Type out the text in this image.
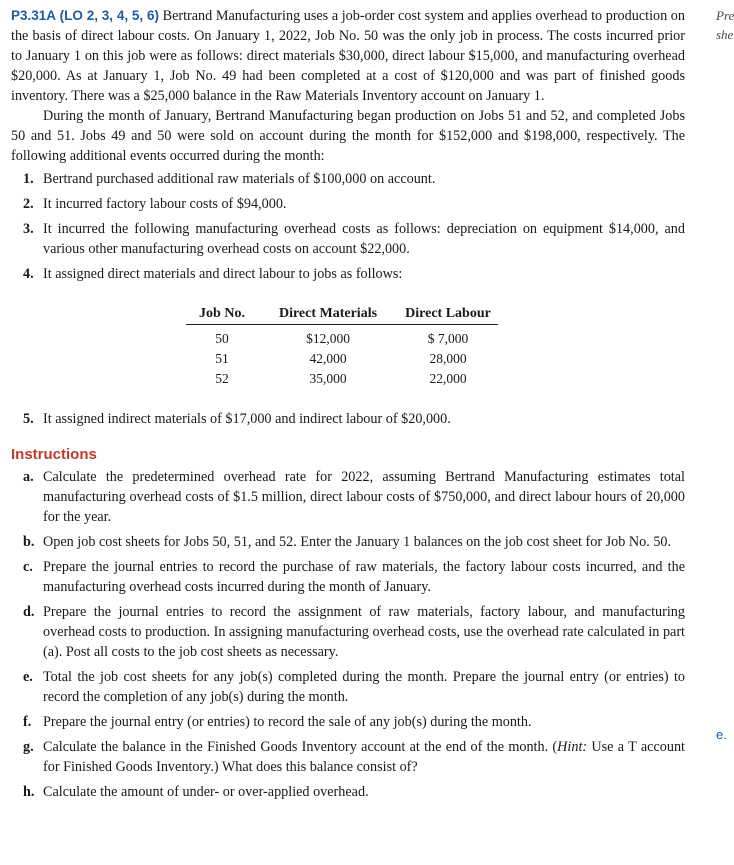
P3.31A (LO 2, 3, 4, 5, 6) Bertrand Manufacturing uses a job-order cost system and applies overhead to production on the basis of direct labour costs. On January 1, 2022, Job No. 50 was the only job in process. The costs incurred prior to January 1 on this job were as follows: direct materials $30,000, direct labour $15,000, and manufacturing overhead $20,000. As at January 1, Job No. 49 had been completed at a cost of $120,000 and was part of finished goods inventory. There was a $25,000 balance in the Raw Materials Inventory account on January 1.

During the month of January, Bertrand Manufacturing began production on Jobs 51 and 52, and completed Jobs 50 and 51. Jobs 49 and 50 were sold on account during the month for $152,000 and $198,000, respectively. The following additional events occurred during the month:

1. Bertrand purchased additional raw materials of $100,000 on account.
2. It incurred factory labour costs of $94,000.
3. It incurred the following manufacturing overhead costs as follows: depreciation on equipment $14,000, and various other manufacturing overhead costs on account $22,000.
4. It assigned direct materials and direct labour to jobs as follows:
Job No.	Direct Materials	Direct Labour

50	$12,000	$ 7,000
51	42,000	28,000
52	35,000	22,000
5. It assigned indirect materials of $17,000 and indirect labour of $20,000.
Instructions
a. Calculate the predetermined overhead rate for 2022, assuming Bertrand Manufacturing estimates total manufacturing overhead costs of $1.5 million, direct labour costs of $750,000, and direct labour hours of 20,000 for the year.
b. Open job cost sheets for Jobs 50, 51, and 52. Enter the January 1 balances on the job cost sheet for Job No. 50.
c. Prepare the journal entries to record the purchase of raw materials, the factory labour costs incurred, and the manufacturing overhead costs incurred during the month of January.
d. Prepare the journal entries to record the assignment of raw materials, factory labour, and manufacturing overhead costs to production. In assigning manufacturing overhead costs, use the overhead rate calculated in part (a). Post all costs to the job cost sheets as necessary.
e. Total the job cost sheets for any job(s) completed during the month. Prepare the journal entry (or entries) to record the completion of any job(s) during the month.
f. Prepare the journal entry (or entries) to record the sale of any job(s) during the month.
g. Calculate the balance in the Finished Goods Inventory account at the end of the month. (Hint: Use a T account for Finished Goods Inventory.) What does this balance consist of?
h. Calculate the amount of under- or over-applied overhead.
Pre
she
e.
